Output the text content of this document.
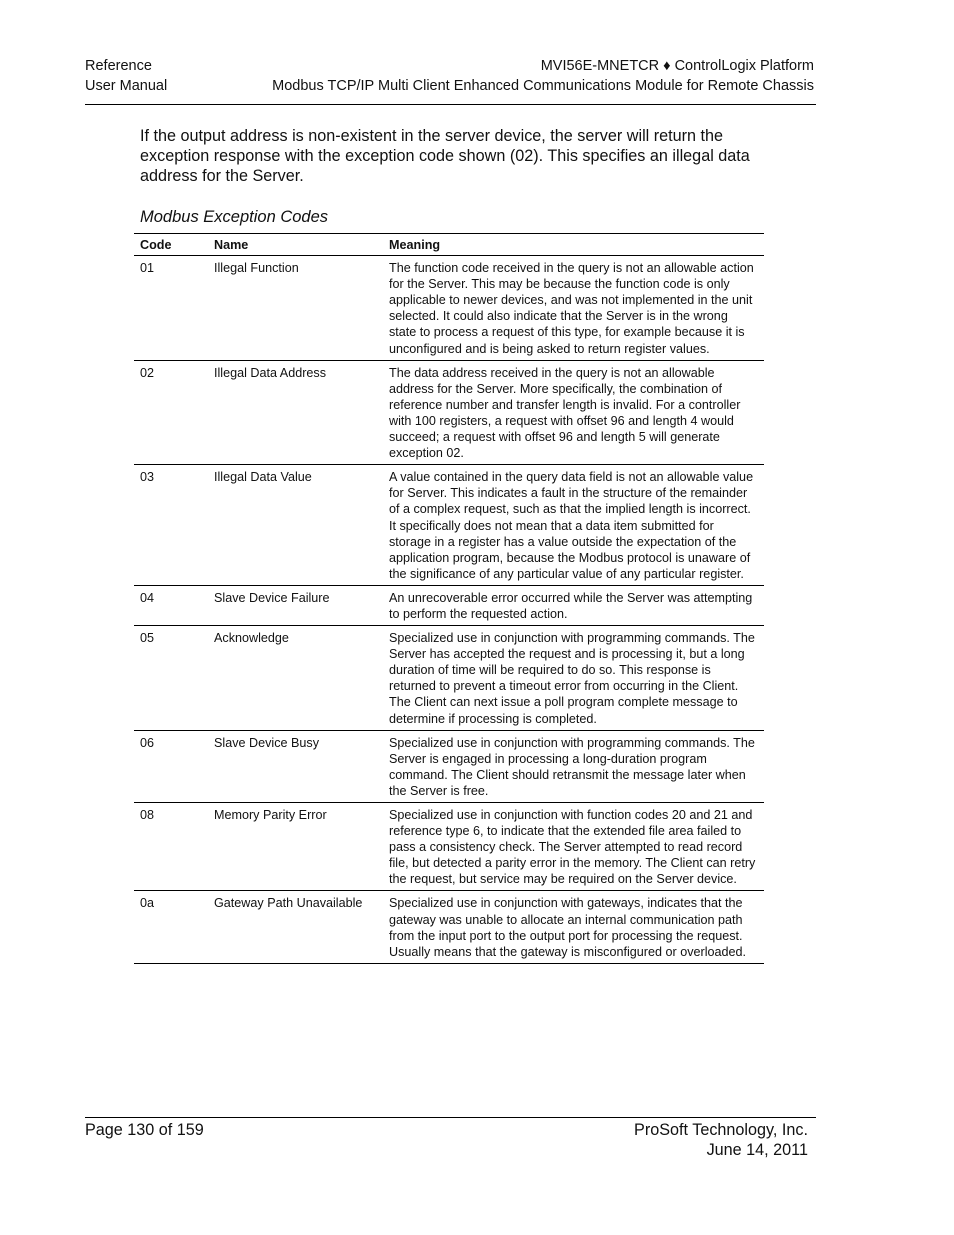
Reference
User Manual
MVI56E-MNETCR ♦ ControlLogix Platform
Modbus TCP/IP Multi Client Enhanced Communications Module for Remote Chassis
If the output address is non-existent in the server device, the server will return the exception response with the exception code shown (02). This specifies an illegal data address for the Server.
Modbus Exception Codes
Code	Name	Meaning
01	Illegal Function	The function code received in the query is not an allowable action for the Server. This may be because the function code is only applicable to newer devices, and was not implemented in the unit selected. It could also indicate that the Server is in the wrong state to process a request of this type, for example because it is unconfigured and is being asked to return register values.
02	Illegal Data Address	The data address received in the query is not an allowable address for the Server. More specifically, the combination of reference number and transfer length is invalid. For a controller with 100 registers, a request with offset 96 and length 4 would succeed; a request with offset 96 and length 5 will generate exception 02.
03	Illegal Data Value	A value contained in the query data field is not an allowable value for Server. This indicates a fault in the structure of the remainder of a complex request, such as that the implied length is incorrect. It specifically does not mean that a data item submitted for storage in a register has a value outside the expectation of the application program, because the Modbus protocol is unaware of the significance of any particular value of any particular register.
04	Slave Device Failure	An unrecoverable error occurred while the Server was attempting to perform the requested action.
05	Acknowledge	Specialized use in conjunction with programming commands. The Server has accepted the request and is processing it, but a long duration of time will be required to do so. This response is returned to prevent a timeout error from occurring in the Client. The Client can next issue a poll program complete message to determine if processing is completed.
06	Slave Device Busy	Specialized use in conjunction with programming commands. The Server is engaged in processing a long-duration program command. The Client should retransmit the message later when the Server is free.
08	Memory Parity Error	Specialized use in conjunction with function codes 20 and 21 and reference type 6, to indicate that the extended file area failed to pass a consistency check. The Server attempted to read record file, but detected a parity error in the memory. The Client can retry the request, but service may be required on the Server device.
0a	Gateway Path Unavailable	Specialized use in conjunction with gateways, indicates that the gateway was unable to allocate an internal communication path from the input port to the output port for processing the request. Usually means that the gateway is misconfigured or overloaded.
Page 130 of 159	ProSoft Technology, Inc.
June 14, 2011
